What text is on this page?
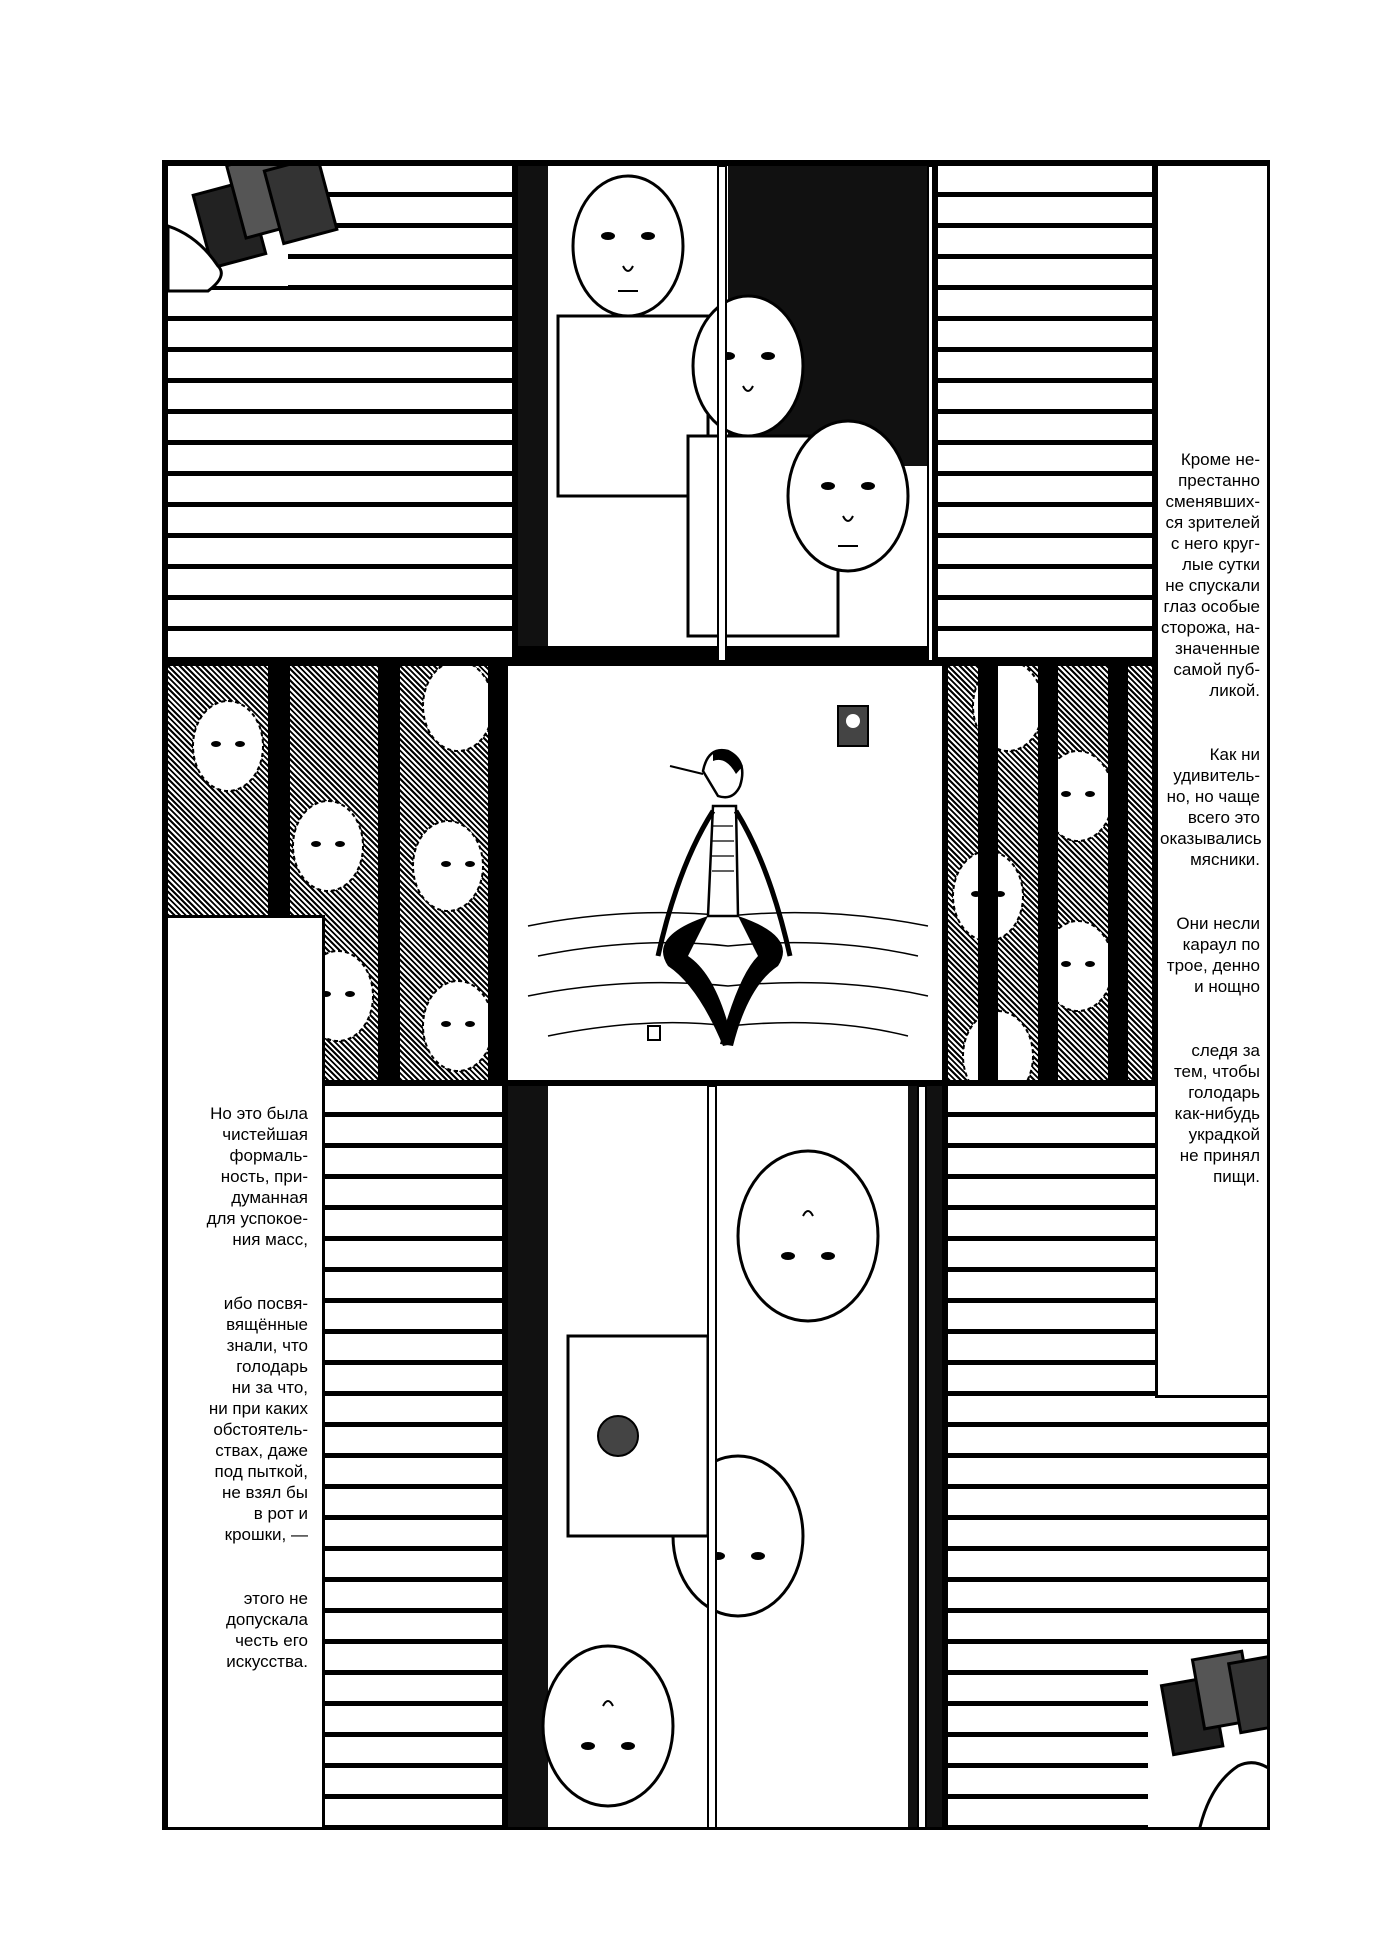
Кроме не-
престанно
сменявших-
ся зрителей
с него круг-
лые сутки
не спускали
глаз особые
сторожа, на-
значенные
самой пуб-
ликой.

Как ни
удивитель-
но, но чаще
всего это
оказывались
мясники.

Они несли
караул по
трое, денно
и нощно

следя за
тем, чтобы
голодарь
как-нибудь
украдкой
не принял
пищи.

Но это была
чистейшая
формаль-
ность, при-
думанная
для успокое-
ния масс,

ибо посвя-
вящённые
знали, что
голодарь
ни за что,
ни при каких
обстоятель-
ствах, даже
под пыткой,
не взял бы
в рот и
крошки, —

этого не
допускала
честь его
искусства.
